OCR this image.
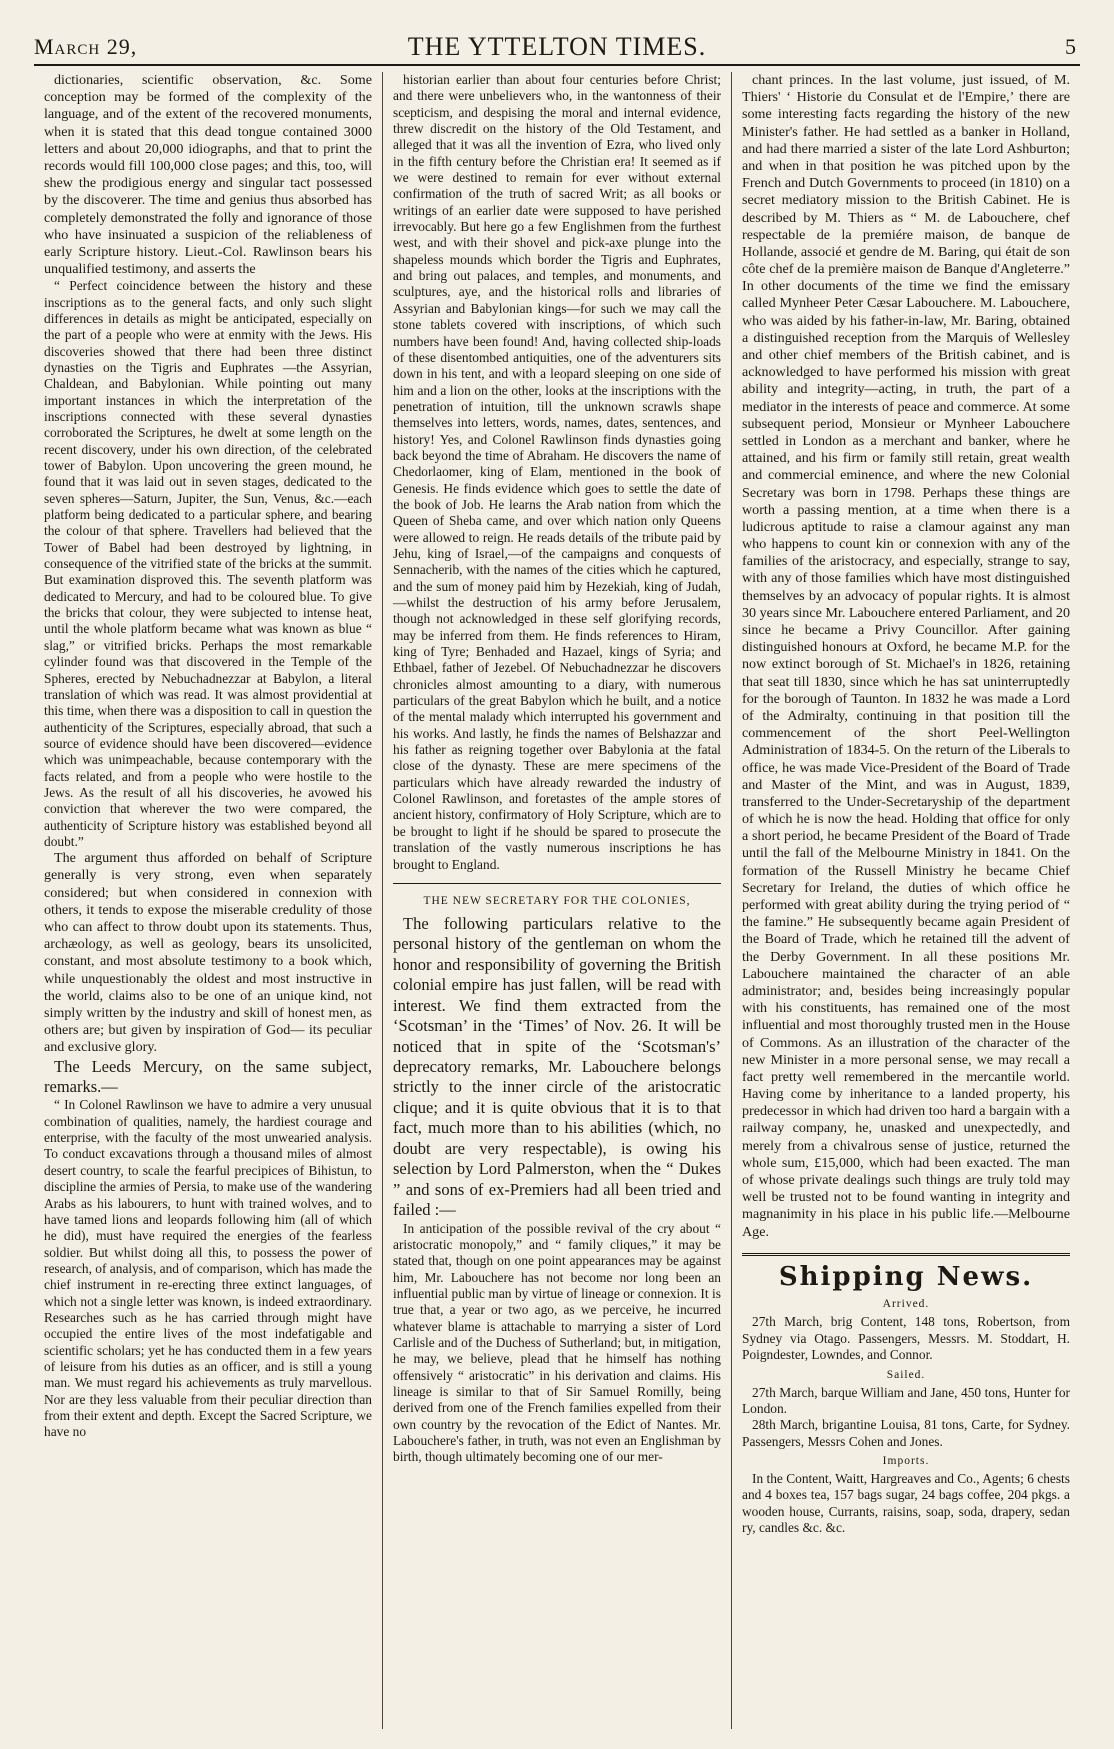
March 29,	THE YTTELTON TIMES.	5

dictionaries, scientific observation, &c. Some conception may be formed of the complexity of the language, and of the extent of the recovered monuments, when it is stated that this dead tongue contained 3000 letters and about 20,000 idiographs, and that to print the records would fill 100,000 close pages; and this, too, will shew the prodigious energy and singular tact possessed by the discoverer. The time and genius thus absorbed has completely demonstrated the folly and ignorance of those who have insinuated a suspicion of the reliableness of early Scripture history. Lieut.-Col. Rawlinson bears his unqualified testimony, and asserts the

“ Perfect coincidence between the history and these inscriptions as to the general facts, and only such slight differences in details as might be anticipated, especially on the part of a people who were at enmity with the Jews. His discoveries showed that there had been three distinct dynasties on the Tigris and Euphrates —the Assyrian, Chaldean, and Babylonian. While pointing out many important instances in which the interpretation of the inscriptions connected with these several dynasties corroborated the Scriptures, he dwelt at some length on the recent discovery, under his own direction, of the celebrated tower of Babylon. Upon uncovering the green mound, he found that it was laid out in seven stages, dedicated to the seven spheres—Saturn, Jupiter, the Sun, Venus, &c.—each platform being dedicated to a particular sphere, and bearing the colour of that sphere. Travellers had believed that the Tower of Babel had been destroyed by lightning, in consequence of the vitrified state of the bricks at the summit. But examination disproved this. The seventh platform was dedicated to Mercury, and had to be coloured blue. To give the bricks that colour, they were subjected to intense heat, until the whole platform became what was known as blue “ slag,” or vitrified bricks. Perhaps the most remarkable cylinder found was that discovered in the Temple of the Spheres, erected by Nebuchadnezzar at Babylon, a literal translation of which was read. It was almost providential at this time, when there was a disposition to call in question the authenticity of the Scriptures, especially abroad, that such a source of evidence should have been discovered—evidence which was unimpeachable, because contemporary with the facts related, and from a people who were hostile to the Jews. As the result of all his discoveries, he avowed his conviction that wherever the two were compared, the authenticity of Scripture history was established beyond all doubt.”

The argument thus afforded on behalf of Scripture generally is very strong, even when separately considered; but when considered in connexion with others, it tends to expose the miserable credulity of those who can affect to throw doubt upon its statements. Thus, archæology, as well as geology, bears its unsolicited, constant, and most absolute testimony to a book which, while unquestionably the oldest and most instructive in the world, claims also to be one of an unique kind, not simply written by the industry and skill of honest men, as others are; but given by inspiration of God— its peculiar and exclusive glory.

The Leeds Mercury, on the same subject, remarks.—

“ In Colonel Rawlinson we have to admire a very unusual combination of qualities, namely, the hardiest courage and enterprise, with the faculty of the most unwearied analysis. To conduct excavations through a thousand miles of almost desert country, to scale the fearful precipices of Bihistun, to discipline the armies of Persia, to make use of the wandering Arabs as his labourers, to hunt with trained wolves, and to have tamed lions and leopards following him (all of which he did), must have required the energies of the fearless soldier. But whilst doing all this, to possess the power of research, of analysis, and of comparison, which has made the chief instrument in re-erecting three extinct languages, of which not a single letter was known, is indeed extraordinary. Researches such as he has carried through might have occupied the entire lives of the most indefatigable and scientific scholars; yet he has conducted them in a few years of leisure from his duties as an officer, and is still a young man. We must regard his achievements as truly marvellous. Nor are they less valuable from their peculiar direction than from their extent and depth. Except the Sacred Scripture, we have no

historian earlier than about four centuries before Christ; and there were unbelievers who, in the wantonness of their scepticism, and despising the moral and internal evidence, threw discredit on the history of the Old Testament, and alleged that it was all the invention of Ezra, who lived only in the fifth century before the Christian era! It seemed as if we were destined to remain for ever without external confirmation of the truth of sacred Writ; as all books or writings of an earlier date were supposed to have perished irrevocably. But here go a few Englishmen from the furthest west, and with their shovel and pick-axe plunge into the shapeless mounds which border the Tigris and Euphrates, and bring out palaces, and temples, and monuments, and sculptures, aye, and the historical rolls and libraries of Assyrian and Babylonian kings—for such we may call the stone tablets covered with inscriptions, of which such numbers have been found! And, having collected ship-loads of these disentombed antiquities, one of the adventurers sits down in his tent, and with a leopard sleeping on one side of him and a lion on the other, looks at the inscriptions with the penetration of intuition, till the unknown scrawls shape themselves into letters, words, names, dates, sentences, and history! Yes, and Colonel Rawlinson finds dynasties going back beyond the time of Abraham. He discovers the name of Chedorlaomer, king of Elam, mentioned in the book of Genesis. He finds evidence which goes to settle the date of the book of Job. He learns the Arab nation from which the Queen of Sheba came, and over which nation only Queens were allowed to reign. He reads details of the tribute paid by Jehu, king of Israel,—of the campaigns and conquests of Sennacherib, with the names of the cities which he captured, and the sum of money paid him by Hezekiah, king of Judah,—whilst the destruction of his army before Jerusalem, though not acknowledged in these self glorifying records, may be inferred from them. He finds references to Hiram, king of Tyre; Benhaded and Hazael, kings of Syria; and Ethbael, father of Jezebel. Of Nebuchadnezzar he discovers chronicles almost amounting to a diary, with numerous particulars of the great Babylon which he built, and a notice of the mental malady which interrupted his government and his works. And lastly, he finds the names of Belshazzar and his father as reigning together over Babylonia at the fatal close of the dynasty. These are mere specimens of the particulars which have already rewarded the industry of Colonel Rawlinson, and foretastes of the ample stores of ancient history, confirmatory of Holy Scripture, which are to be brought to light if he should be spared to prosecute the translation of the vastly numerous inscriptions he has brought to England.

THE NEW SECRETARY FOR THE COLONIES,

The following particulars relative to the personal history of the gentleman on whom the honor and responsibility of governing the British colonial empire has just fallen, will be read with interest. We find them extracted from the ‘Scotsman’ in the ‘Times’ of Nov. 26. It will be noticed that in spite of the ‘Scotsman's’ deprecatory remarks, Mr. Labouchere belongs strictly to the inner circle of the aristocratic clique; and it is quite obvious that it is to that fact, much more than to his abilities (which, no doubt are very respectable), is owing his selection by Lord Palmerston, when the “ Dukes ” and sons of ex-Premiers had all been tried and failed :—

In anticipation of the possible revival of the cry about “ aristocratic monopoly,” and “ family cliques,” it may be stated that, though on one point appearances may be against him, Mr. Labouchere has not become nor long been an influential public man by virtue of lineage or connexion. It is true that, a year or two ago, as we perceive, he incurred whatever blame is attachable to marrying a sister of Lord Carlisle and of the Duchess of Sutherland; but, in mitigation, he may, we believe, plead that he himself has nothing offensively “ aristocratic” in his derivation and claims. His lineage is similar to that of Sir Samuel Romilly, being derived from one of the French families expelled from their own country by the revocation of the Edict of Nantes. Mr. Labouchere's father, in truth, was not even an Englishman by birth, though ultimately becoming one of our mer-

chant princes. In the last volume, just issued, of M. Thiers' ‘ Historie du Consulat et de l'Empire,’ there are some interesting facts regarding the history of the new Minister's father. He had settled as a banker in Holland, and had there married a sister of the late Lord Ashburton; and when in that position he was pitched upon by the French and Dutch Governments to proceed (in 1810) on a secret mediatory mission to the British Cabinet. He is described by M. Thiers as “ M. de Labouchere, chef respectable de la premiére maison, de banque de Hollande, associé et gendre de M. Baring, qui était de son côte chef de la première maison de Banque d'Angleterre.” In other documents of the time we find the emissary called Mynheer Peter Cæsar Labouchere. M. Labouchere, who was aided by his father-in-law, Mr. Baring, obtained a distinguished reception from the Marquis of Wellesley and other chief members of the British cabinet, and is acknowledged to have performed his mission with great ability and integrity—acting, in truth, the part of a mediator in the interests of peace and commerce. At some subsequent period, Monsieur or Mynheer Labouchere settled in London as a merchant and banker, where he attained, and his firm or family still retain, great wealth and commercial eminence, and where the new Colonial Secretary was born in 1798. Perhaps these things are worth a passing mention, at a time when there is a ludicrous aptitude to raise a clamour against any man who happens to count kin or connexion with any of the families of the aristocracy, and especially, strange to say, with any of those families which have most distinguished themselves by an advocacy of popular rights. It is almost 30 years since Mr. Labouchere entered Parliament, and 20 since he became a Privy Councillor. After gaining distinguished honours at Oxford, he became M.P. for the now extinct borough of St. Michael's in 1826, retaining that seat till 1830, since which he has sat uninterruptedly for the borough of Taunton. In 1832 he was made a Lord of the Admiralty, continuing in that position till the commencement of the short Peel-Wellington Administration of 1834-5. On the return of the Liberals to office, he was made Vice-President of the Board of Trade and Master of the Mint, and was in August, 1839, transferred to the Under-Secretaryship of the department of which he is now the head. Holding that office for only a short period, he became President of the Board of Trade until the fall of the Melbourne Ministry in 1841. On the formation of the Russell Ministry he became Chief Secretary for Ireland, the duties of which office he performed with great ability during the trying period of “ the famine.” He subsequently became again President of the Board of Trade, which he retained till the advent of the Derby Government. In all these positions Mr. Labouchere maintained the character of an able administrator; and, besides being increasingly popular with his constituents, has remained one of the most influential and most thoroughly trusted men in the House of Commons. As an illustration of the character of the new Minister in a more personal sense, we may recall a fact pretty well remembered in the mercantile world. Having come by inheritance to a landed property, his predecessor in which had driven too hard a bargain with a railway company, he, unasked and unexpectedly, and merely from a chivalrous sense of justice, returned the whole sum, £15,000, which had been exacted. The man of whose private dealings such things are truly told may well be trusted not to be found wanting in integrity and magnanimity in his place in his public life.—Melbourne Age.

Shipping News.
Arrived.

27th March, brig Content, 148 tons, Robertson, from Sydney via Otago. Passengers, Messrs. M. Stoddart, H. Poigndester, Lowndes, and Connor.

Sailed.

27th March, barque William and Jane, 450 tons, Hunter for London.

28th March, brigantine Louisa, 81 tons, Carte, for Sydney. Passengers, Messrs Cohen and Jones.

Imports.

In the Content, Waitt, Hargreaves and Co., Agents; 6 chests and 4 boxes tea, 157 bags sugar, 24 bags coffee, 204 pkgs. a wooden house, Currants, raisins, soap, soda, drapery, sedan ry, candles &c. &c.
